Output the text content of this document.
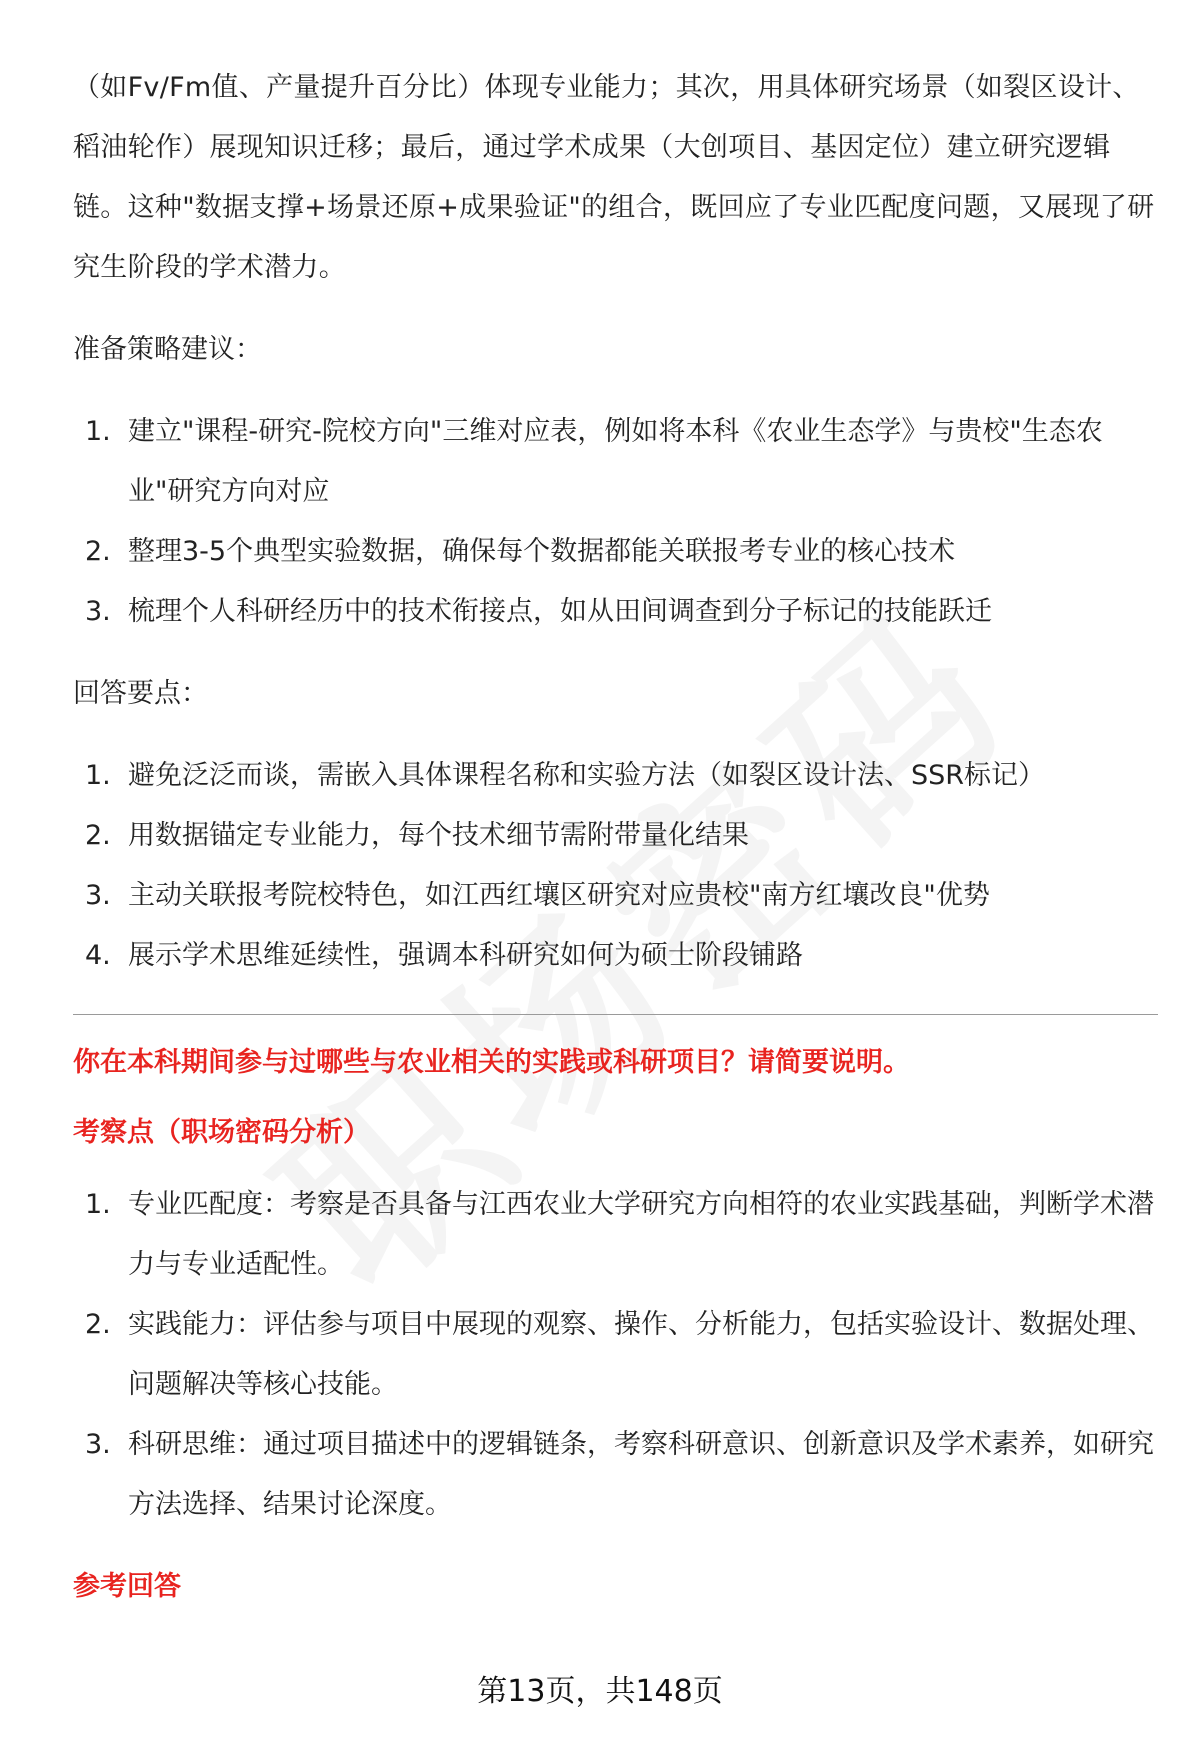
（如Fv/Fm值、产量提升百分比）体现专业能力；其次，用具体研究场景（如裂区设计、稻油轮作）展现知识迁移；最后，通过学术成果（大创项目、基因定位）建立研究逻辑链。这种"数据支撑+场景还原+成果验证"的组合，既回应了专业匹配度问题，又展现了研究生阶段的学术潜力。

准备策略建议：

1. 建立"课程-研究-院校方向"三维对应表，例如将本科《农业生态学》与贵校"生态农业"研究方向对应
2. 整理3-5个典型实验数据，确保每个数据都能关联报考专业的核心技术
3. 梳理个人科研经历中的技术衔接点，如从田间调查到分子标记的技能跃迁

回答要点：

1. 避免泛泛而谈，需嵌入具体课程名称和实验方法（如裂区设计法、SSR标记）
2. 用数据锚定专业能力，每个技术细节需附带量化结果
3. 主动关联报考院校特色，如江西红壤区研究对应贵校"南方红壤改良"优势
4. 展示学术思维延续性，强调本科研究如何为硕士阶段铺路

你在本科期间参与过哪些与农业相关的实践或科研项目？请简要说明。

考察点（职场密码分析）

1. 专业匹配度：考察是否具备与江西农业大学研究方向相符的农业实践基础，判断学术潜力与专业适配性。
2. 实践能力：评估参与项目中展现的观察、操作、分析能力，包括实验设计、数据处理、问题解决等核心技能。
3. 科研思维：通过项目描述中的逻辑链条，考察科研意识、创新意识及学术素养，如研究方法选择、结果讨论深度。

参考回答

第13页，共148页
